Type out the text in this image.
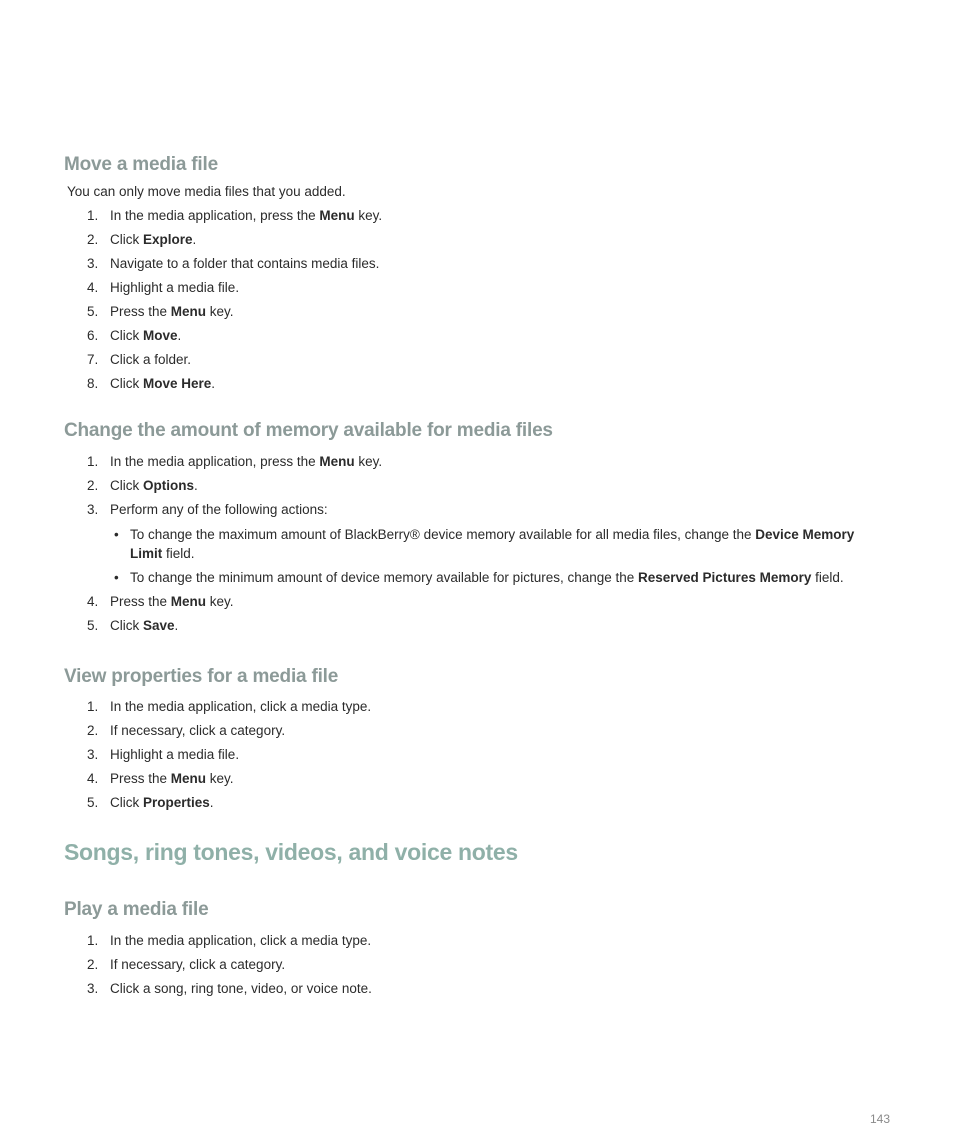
Move a media file

You can only move media files that you added.

1. In the media application, press the Menu key.
2. Click Explore.
3. Navigate to a folder that contains media files.
4. Highlight a media file.
5. Press the Menu key.
6. Click Move.
7. Click a folder.
8. Click Move Here.
Change the amount of memory available for media files
1. In the media application, press the Menu key.
2. Click Options.
3. Perform any of the following actions:
• To change the maximum amount of BlackBerry® device memory available for all media files, change the Device Memory Limit field.
• To change the minimum amount of device memory available for pictures, change the Reserved Pictures Memory field.
4. Press the Menu key.
5. Click Save.
View properties for a media file
1. In the media application, click a media type.
2. If necessary, click a category.
3. Highlight a media file.
4. Press the Menu key.
5. Click Properties.
Songs, ring tones, videos, and voice notes
Play a media file
1. In the media application, click a media type.
2. If necessary, click a category.
3. Click a song, ring tone, video, or voice note.
143
